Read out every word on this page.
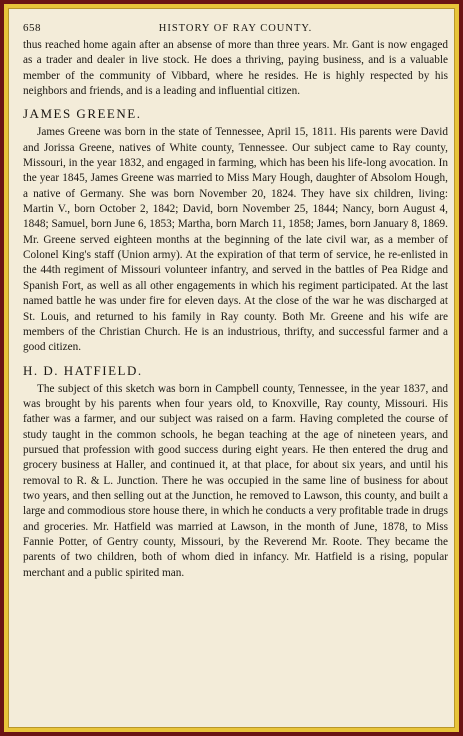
658	HISTORY OF RAY COUNTY.

thus reached home again after an absense of more than three years. Mr. Gant is now engaged as a trader and dealer in live stock. He does a thriving, paying business, and is a valuable member of the community of Vibbard, where he resides. He is highly respected by his neighbors and friends, and is a leading and influential citizen.

JAMES GREENE.

James Greene was born in the state of Tennessee, April 15, 1811. His parents were David and Jorissa Greene, natives of White county, Tennessee. Our subject came to Ray county, Missouri, in the year 1832, and engaged in farming, which has been his life-long avocation. In the year 1845, James Greene was married to Miss Mary Hough, daughter of Absolom Hough, a native of Germany. She was born November 20, 1824. They have six children, living: Martin V., born October 2, 1842; David, born November 25, 1844; Nancy, born August 4, 1848; Samuel, born June 6, 1853; Martha, born March 11, 1858; James, born January 8, 1869. Mr. Greene served eighteen months at the beginning of the late civil war, as a member of Colonel King's staff (Union army). At the expiration of that term of service, he re-enlisted in the 44th regiment of Missouri volunteer infantry, and served in the battles of Pea Ridge and Spanish Fort, as well as all other engagements in which his regiment participated. At the last named battle he was under fire for eleven days. At the close of the war he was discharged at St. Louis, and returned to his family in Ray county. Both Mr. Greene and his wife are members of the Christian Church. He is an industrious, thrifty, and successful farmer and a good citizen.

H. D. HATFIELD.

The subject of this sketch was born in Campbell county, Tennessee, in the year 1837, and was brought by his parents when four years old, to Knoxville, Ray county, Missouri. His father was a farmer, and our subject was raised on a farm. Having completed the course of study taught in the common schools, he began teaching at the age of nineteen years, and pursued that profession with good success during eight years. He then entered the drug and grocery business at Haller, and continued it, at that place, for about six years, and until his removal to R. & L. Junction. There he was occupied in the same line of business for about two years, and then selling out at the Junction, he removed to Lawson, this county, and built a large and commodious store house there, in which he conducts a very profitable trade in drugs and groceries. Mr. Hatfield was married at Lawson, in the month of June, 1878, to Miss Fannie Potter, of Gentry county, Missouri, by the Reverend Mr. Roote. They became the parents of two children, both of whom died in infancy. Mr. Hatfield is a rising, popular merchant and a public spirited man.
